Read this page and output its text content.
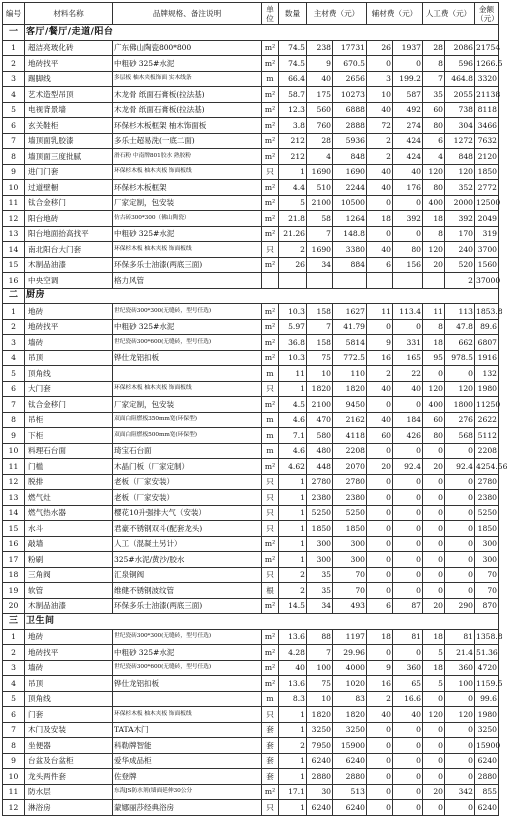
编号	材料名称	品牌规格、备注说明	单位	数量	主材费（元）		辅材费（元）		人工费（元）		金额（元）
一	客厅/餐厅/走道/阳台										
1	超洁亮玻化砖	广东佛山陶瓷800*800	m²	74.5	238	17731	26	1937	28	2086	21754
2	地砖找平	中粗砂 325#水泥	m²	74.5	9	670.5	0	0	8	596	1266.5
3	踢脚线	多层板 柚木夹板饰面 实木线条	m	66.4	40	2656	3	199.2	7	464.8	3320
4	艺术造型吊顶	木龙骨 纸面石膏板(拉法基)	m²	58.7	175	10273	10	587	35	2055	21138
5	电视背景墙	木龙骨 纸面石膏板(拉法基)	m²	12.3	560	6888	40	492	60	738	8118
6	玄关鞋柜	环保杉木板框架 柚木饰面板	m²	3.8	760	2888	72	274	80	304	3466
7	墙顶面乳胶漆	多乐士超易洗(一底二面)	m²	212	28	5936	2	424	6	1272	7632
8	墙顶面三度批腻	滑石粉 中南牌801胶水 熟胶粉	m²	212	4	848	2	424	4	848	2120
9	进门门套	环保杉木板 柚木夹板 饰面板线	只	1	1690	1690	40	40	120	120	1850
10	过道壁橱	环保杉木板框架	m²	4.4	510	2244	40	176	80	352	2772
11	钛合金移门	厂家定制，包安装	m²	5	2100	10500	0	0	400	2000	12500
12	阳台地砖	仿古砖300*300（佛山陶瓷）	m²	21.8	58	1264	18	392	18	392	2049
13	阳台地面抬高找平	中粗砂 325#水泥	m²	21.26	7	148.8	0	0	8	170	319
14	南北阳台大门套	环保杉木板 柚木夹板 饰面板线	只	2	1690	3380	40	80	120	240	3700
15	木制品油漆	环保多乐士油漆(两底三面)	m²	26	34	884	6	156	20	520	1560
16	中央空调	格力风管								2	37000
二	厨房										
1	地砖	世纪瓷砖300*300(无缝砖，型号任选)	m²	10.3	158	1627	11	113.4	11	113	1853.8
2	地砖找平	中粗砂 325#水泥	m²	5.97	7	41.79	0	0	8	47.8	89.6
3	墙砖	世纪瓷砖300*600(无缝砖，型号任选)	m²	36.8	158	5814	9	331	18	662	6807
4	吊顶	铧仕龙铝扣板	m²	10.3	75	772.5	16	165	95	978.5	1916
5	顶角线		m	11	10	110	2	22	0	0	132
6	大门套	环保杉木板 柚木夹板 饰面板线	只	1	1820	1820	40	40	120	120	1980
7	钛合金移门	厂家定制，包安装	m²	4.5	2100	9450	0	0	400	1800	11250
8	吊柜	双面白阻燃板350mm宽(环保型)	m	4.6	470	2162	40	184	60	276	2622
9	下柜	双面白阻燃板500mm宽(环保型)	m	7.1	580	4118	60	426	80	568	5112
10	料理石台面	琦宝石台面	m	4.6	480	2208	0	0	0	0	2208
11	门槛	木晶门板（厂家定制）	m²	4.62	448	2070	20	92.4	20	92.4	4254.56
12	脱排	老板（厂家安装）	只	1	2780	2780	0	0	0	0	2780
13	燃气灶	老板（厂家安装）	只	1	2380	2380	0	0	0	0	2380
14	燃气热水器	樱花10升强排大气（安装）	只	1	5250	5250	0	0	0	0	5250
15	水斗	君豪不锈钢双斗(配套龙头)	只	1	1850	1850	0	0	0	0	1850
16	敲墙	人工（混凝土另计）	m²	1	300	300	0	0	0	0	300
17	粉刷	325#水泥/黄沙/胶水	m²	1	300	300	0	0	0	0	300
18	三角阀	汇泉铜阀	只	2	35	70	0	0	0	0	70
19	软管	维健不锈钢波纹管	根	2	35	70	0	0	0	0	70
20	木制品油漆	环保多乐士油漆(两底三面)	m²	14.5	34	493	6	87	20	290	870
三	卫生间										
1	地砖	世纪瓷砖300*300(无缝砖，型号任选)	m²	13.6	88	1197	18	81	18	81	1358.8
2	地砖找平	中粗砂 325#水泥	m²	4.28	7	29.96	0	0	5	21.4	51.36
3	墙砖	世纪瓷砖300*600(无缝砖，型号任选)	m²	40	100	4000	9	360	18	360	4720
4	吊顶	铧仕龙铝扣板	m²	13.6	75	1020	16	65	5	100	1159.5
5	顶角线		m	8.3	10	83	2	16.6	0	0	99.6
6	门套	环保杉木板 柚木夹板 饰面板线	只	1	1820	1820	40	40	120	120	1980
7	木门及安装	TATA木门	套	1	3250	3250	0	0	0	0	3250
8	坐便器	科勒牌智能	套	2	7950	15900	0	0	0	0	15900
9	台盆及台盆柜	爱华成品柜	套	1	6240	6240	0	0	0	0	6240
10	龙头两件套	佐登牌	套	1	2880	2880	0	0	0	0	2880
11	防水层	东海JS防水剂(墙面延伸30公分	m²	17.1	30	513	0	0	20	342	855
12	淋浴房	蒙娜丽莎经典浴房	只	1	6240	6240	0	0	0	0	6240
